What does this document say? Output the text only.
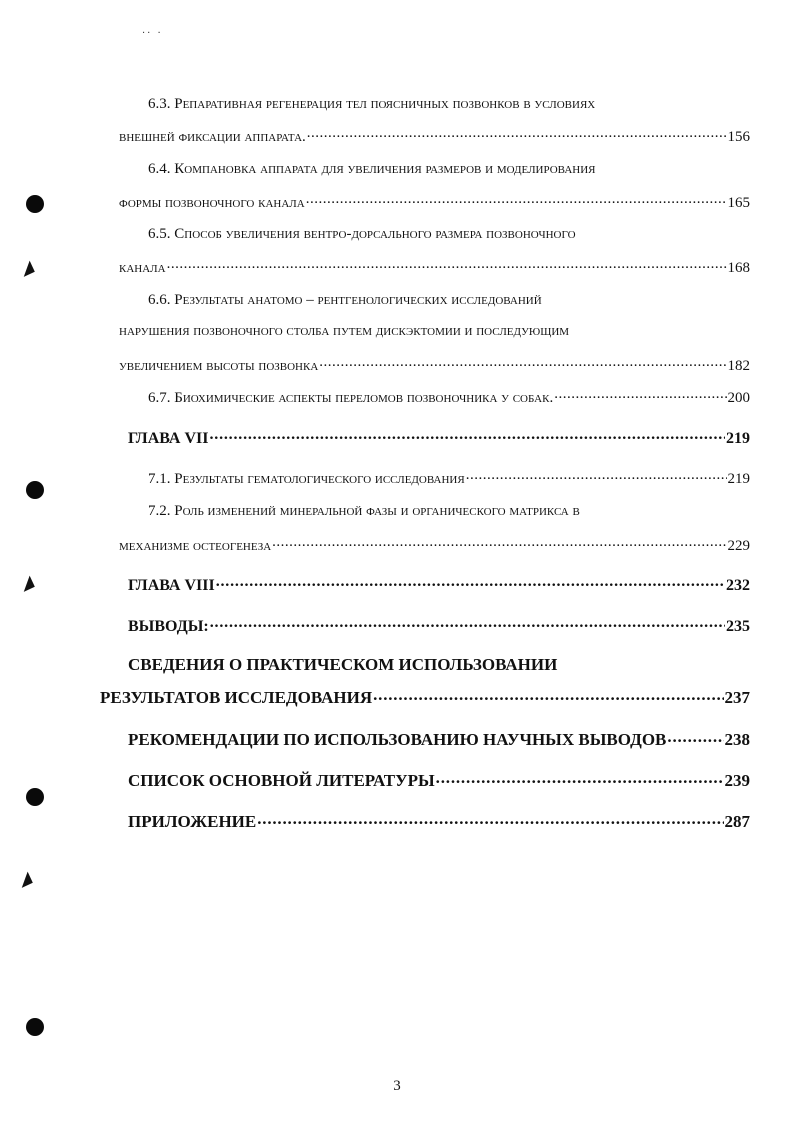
·· ·
◢
◢
◢
6.3. Репаративная регенерация тел поясничных позвонков в условиях
внешней фиксации аппарата. .....	156
6.4. Компановка аппарата для увеличения размеров и моделирования
формы позвоночного канала .....	165
6.5. Способ увеличения вентро-дорсального размера позвоночного
канала .....	168
6.6. Результаты анатомо – рентгенологических исследований
нарушения позвоночного столба путем дискэктомии и последующим
увеличением высоты позвонка .....	182
6.7. Биохимические аспекты переломов позвоночника у собак. .....	200
ГЛАВА VII .....	219
7.1. Результаты гематологического исследования .....	219
7.2. Роль изменений минеральной фазы и органического матрикса в
механизме остеогенеза .....	229
ГЛАВА VIII .....	232
ВЫВОДЫ: .....	235
СВЕДЕНИЯ О ПРАКТИЧЕСКОМ ИСПОЛЬЗОВАНИИ
РЕЗУЛЬТАТОВ ИССЛЕДОВАНИЯ .....	237
РЕКОМЕНДАЦИИ ПО ИСПОЛЬЗОВАНИЮ НАУЧНЫХ ВЫВОДОВ .....	238
СПИСОК ОСНОВНОЙ ЛИТЕРАТУРЫ .....	239
ПРИЛОЖЕНИЕ .....	287
3
